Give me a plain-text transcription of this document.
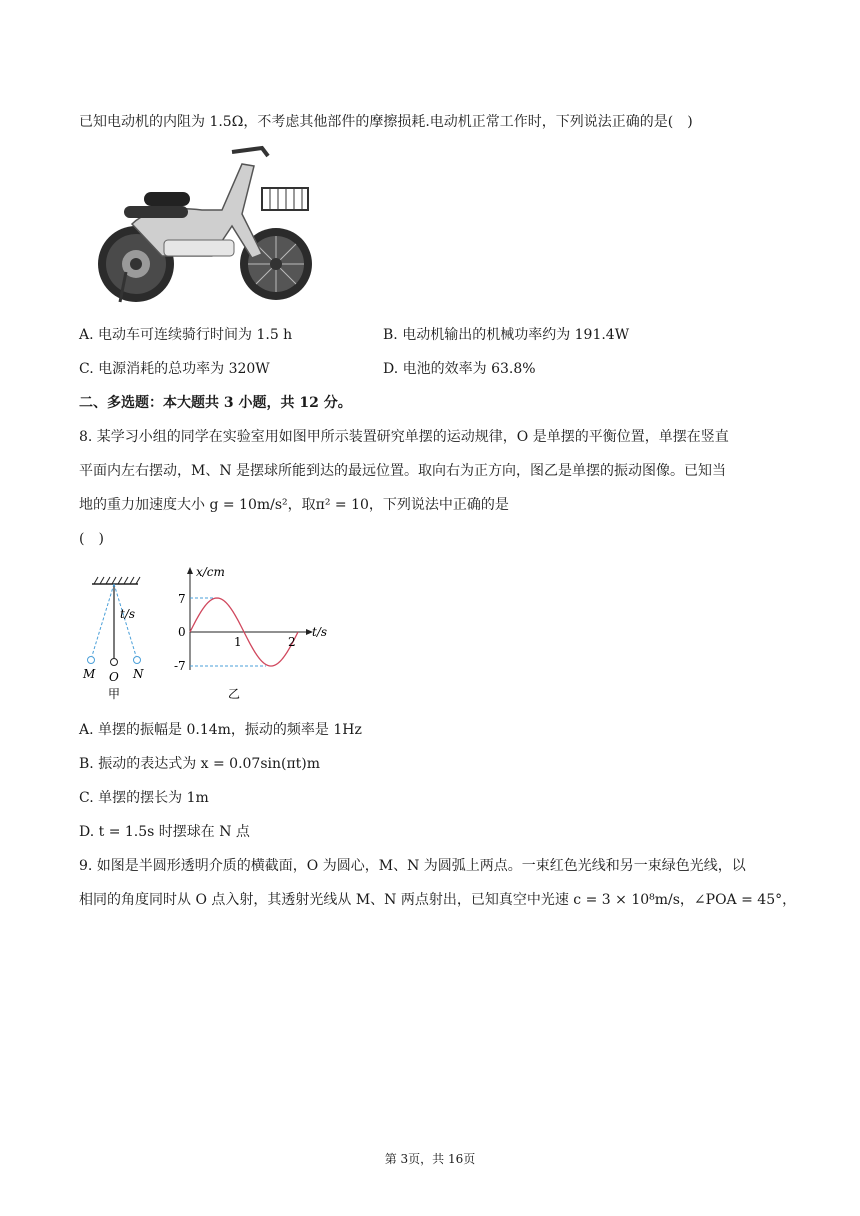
已知电动机的内阻为 1.5Ω，不考虑其他部件的摩擦损耗.电动机正常工作时，下列说法正确的是(　)
A. 电动车可连续骑行时间为 1.5 h	B. 电动机输出的机械功率约为 191.4W
C. 电源消耗的总功率为 320W	D. 电池的效率为 63.8%
二、多选题：本大题共 3 小题，共 12 分。
8. 某学习小组的同学在实验室用如图甲所示装置研究单摆的运动规律，O 是单摆的平衡位置，单摆在竖直
平面内左右摆动，M、N 是摆球所能到达的最远位置。取向右为正方向，图乙是单摆的振动图像。已知当
地的重力加速度大小 g = 10m/s²，取π² = 10，下列说法中正确的是
(　)
t/s
M O N
甲
x/cm
t/s
7
0
-7
1	2
乙
A. 单摆的振幅是 0.14m，振动的频率是 1Hz
B. 振动的表达式为 x = 0.07sin(πt)m
C. 单摆的摆长为 1m
D. t = 1.5s 时摆球在 N 点
9. 如图是半圆形透明介质的横截面，O 为圆心，M、N 为圆弧上两点。一束红色光线和另一束绿色光线，以
相同的角度同时从 O 点入射，其透射光线从 M、N 两点射出，已知真空中光速 c = 3 × 10⁸m/s，∠POA = 45°，
第 3页，共 16页
